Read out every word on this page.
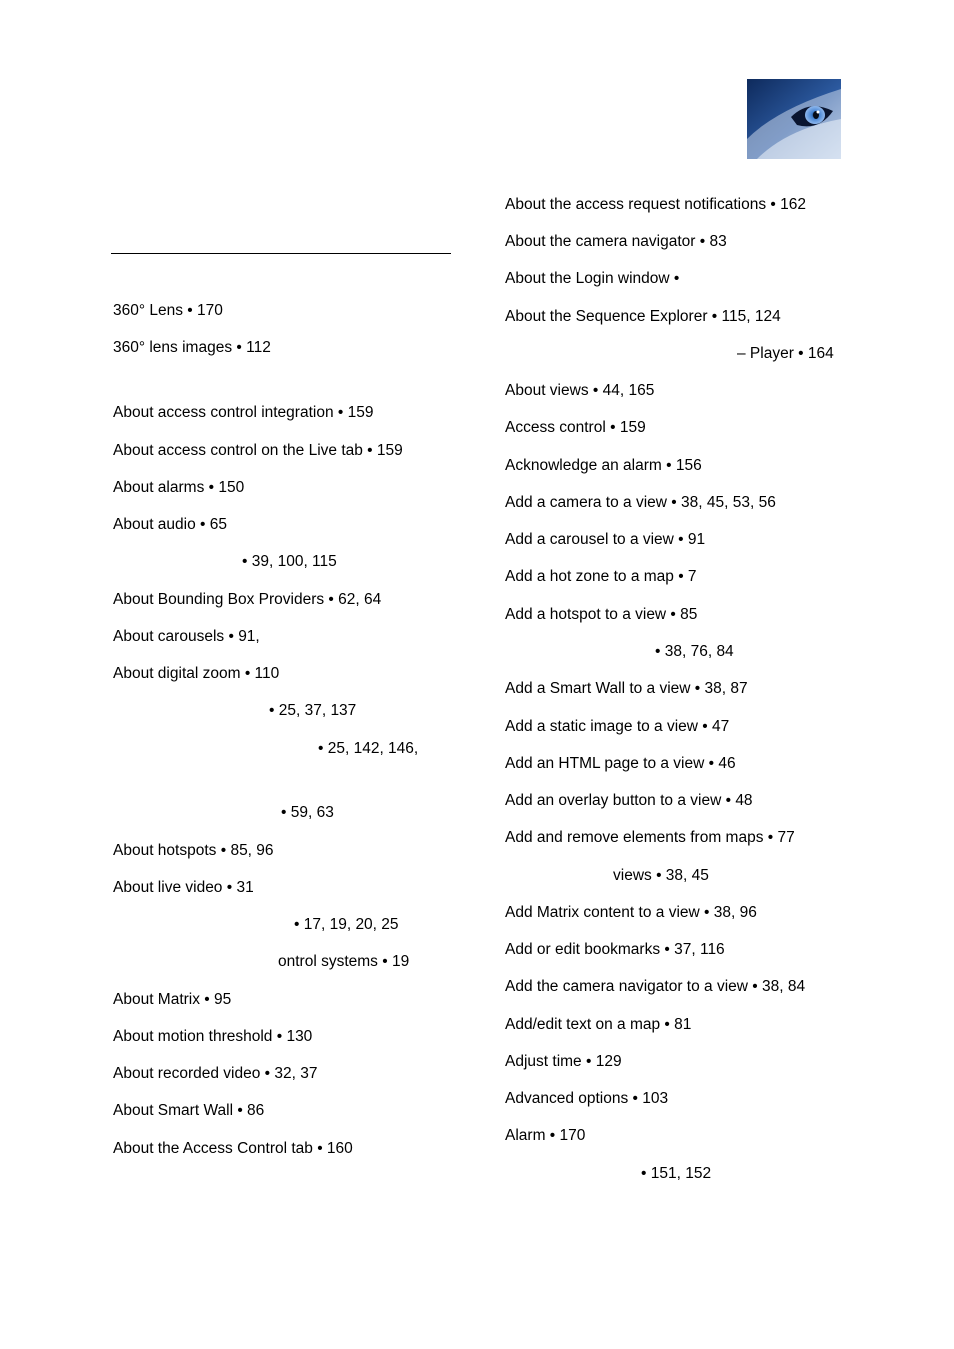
360° Lens • 170
360° lens images • 112
About access control integration • 159
About access control on the Live tab • 159
About alarms • 150
About audio • 65
• 39, 100, 115
About Bounding Box Providers • 62, 64
About carousels • 91,
About digital zoom • 110
• 25, 37, 137
• 25, 142, 146,
• 59, 63
About hotspots • 85, 96
About live video • 31
• 17, 19, 20, 25
ontrol systems • 19
About Matrix • 95
About motion threshold • 130
About recorded video • 32, 37
About Smart Wall • 86
About the Access Control tab • 160
About the access request notifications • 162
About the camera navigator • 83
About the Login window •
About the Sequence Explorer • 115, 124
– Player • 164
About views • 44, 165
Access control • 159
Acknowledge an alarm • 156
Add a camera to a view • 38, 45, 53, 56
Add a carousel to a view • 91
Add a hot zone to a map • 7
Add a hotspot to a view • 85
• 38, 76, 84
Add a Smart Wall to a view • 38, 87
Add a static image to a view • 47
Add an HTML page to a view • 46
Add an overlay button to a view • 48
Add and remove elements from maps • 77
views • 38, 45
Add Matrix content to a view • 38, 96
Add or edit bookmarks • 37, 116
Add the camera navigator to a view • 38, 84
Add/edit text on a map • 81
Adjust time • 129
Advanced options • 103
Alarm • 170
• 151, 152
